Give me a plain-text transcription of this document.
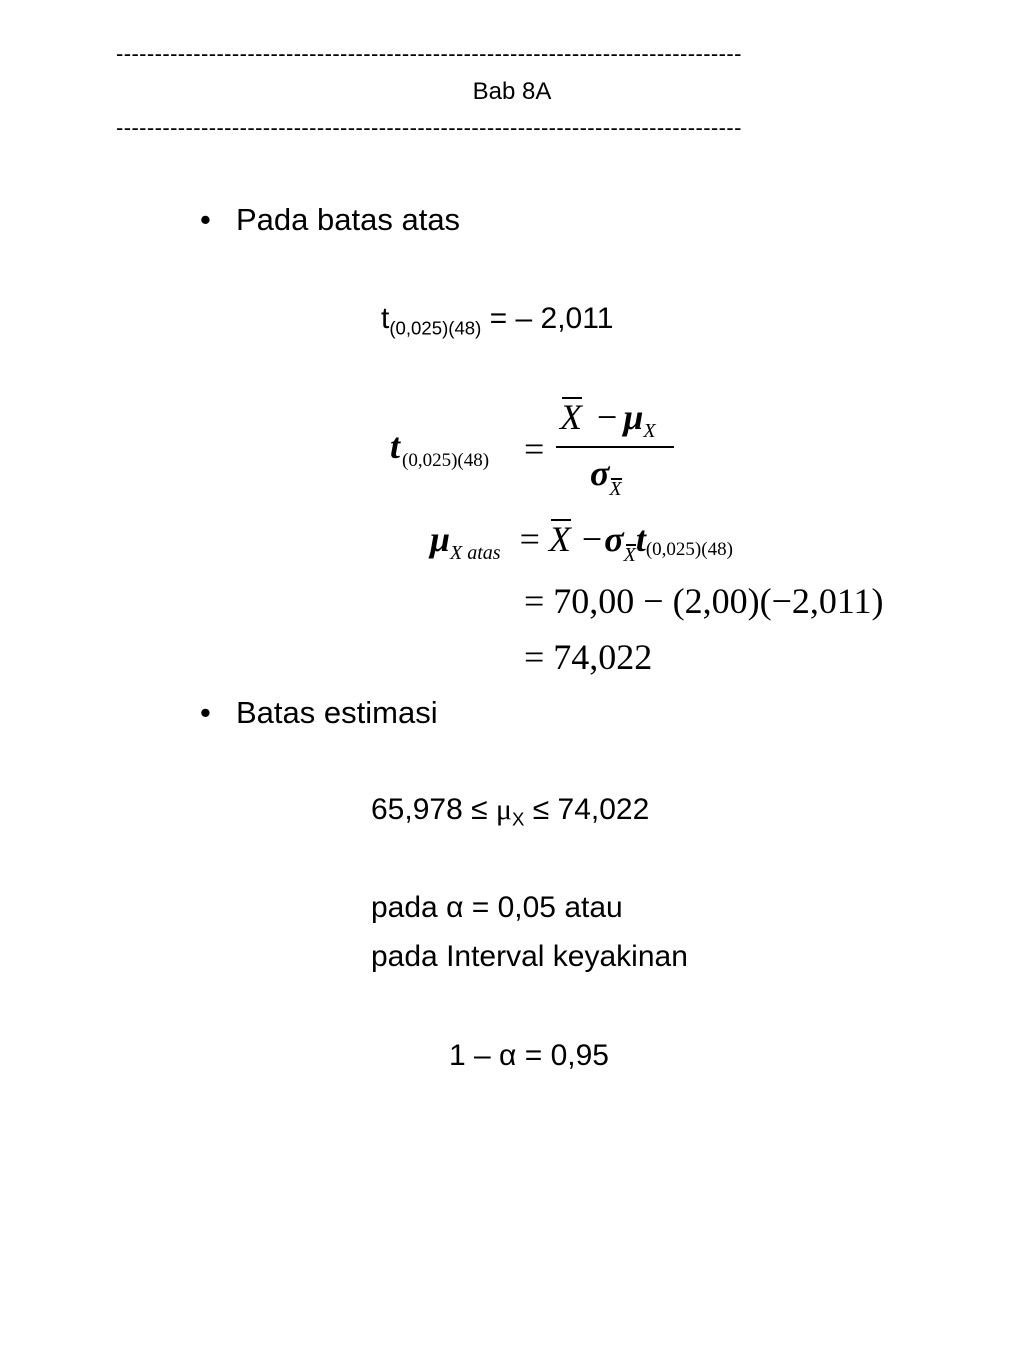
---------------------------------------------------------------------------------
Bab 8A
---------------------------------------------------------------------------------
• Pada batas atas
$t_{(0,025)(48)}$ = – 2,011
t $_{(0,025)(48)}$ =
$X - \mu_X$
σX
$\mu_{X atas} = X -\sigma Xt(0,025)(48)$
= 70,00 − (2,00)(−2,011)
= 74,022
• Batas estimasi
$65,978 \le \mu_X \le 74,022$
pada α = 0,05 atau
pada Interval keyakinan
1 – α = 0,95
